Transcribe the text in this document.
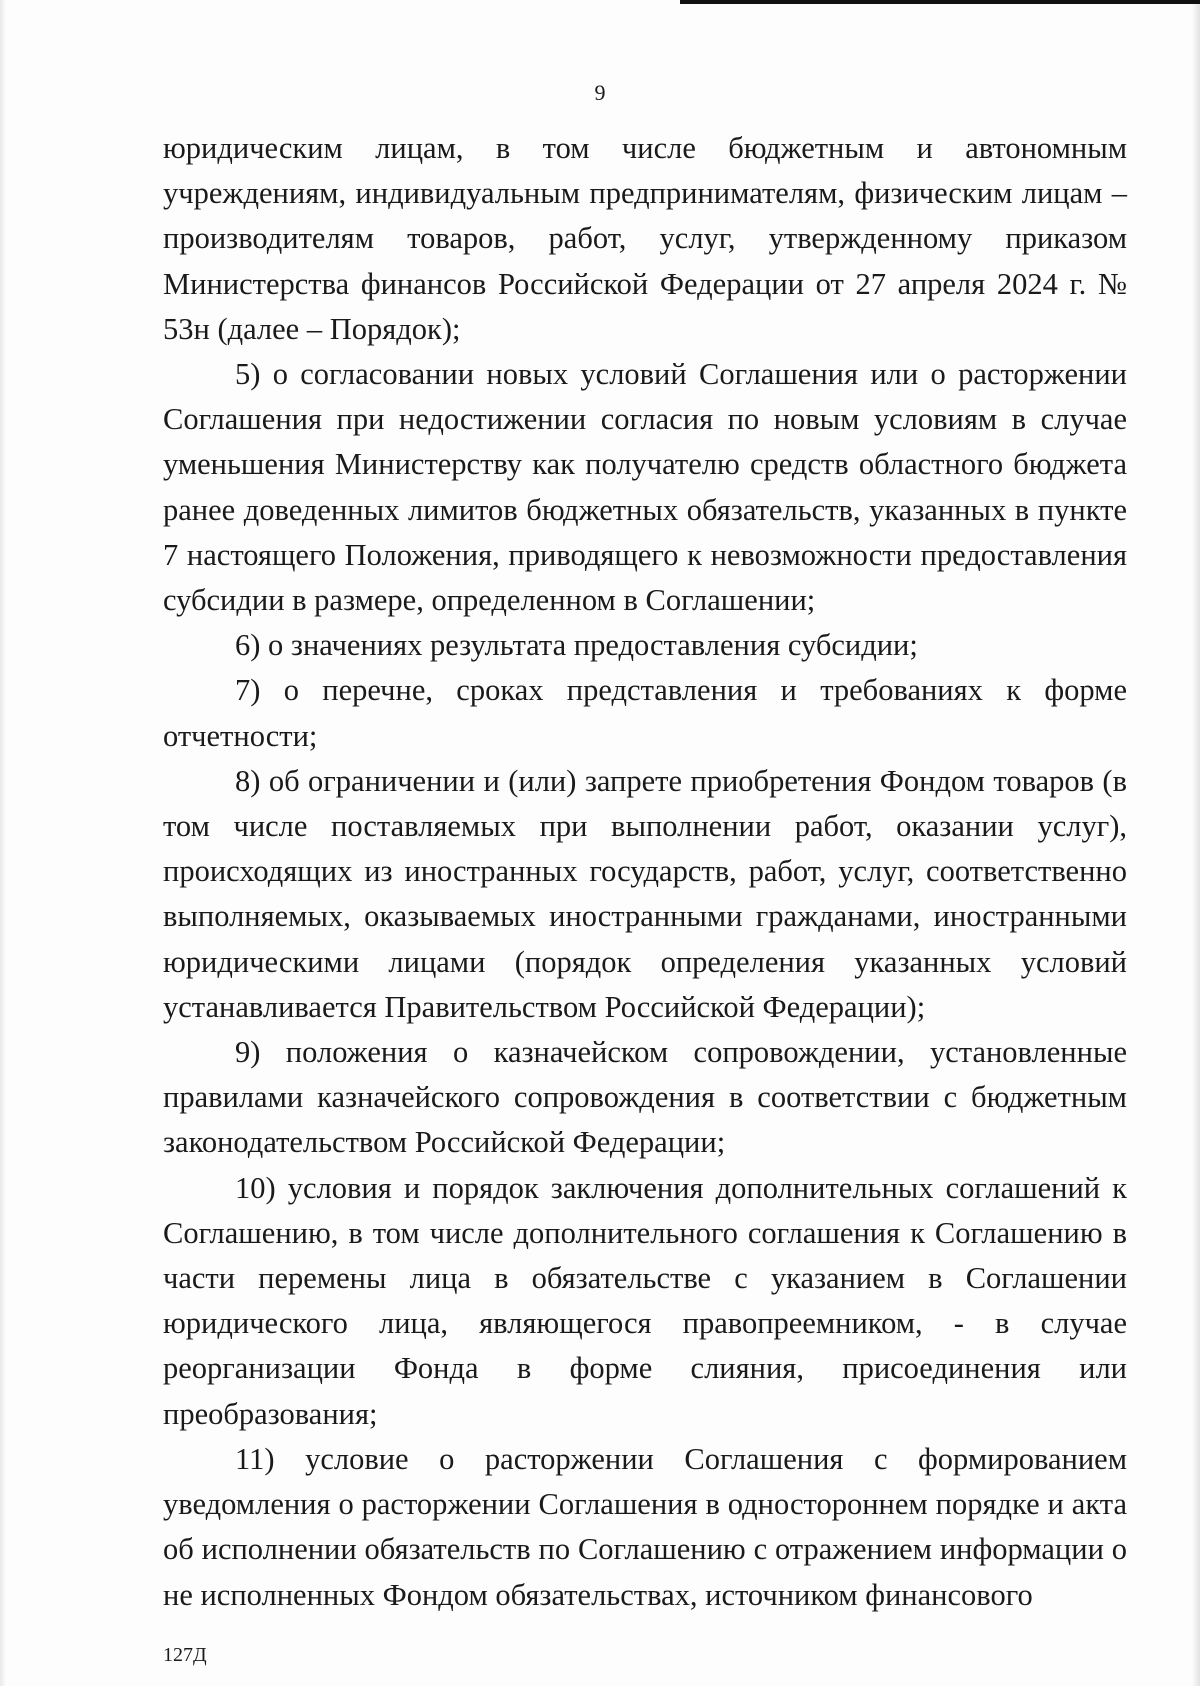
9

юридическим лицам, в том числе бюджетным и автономным учреждениям, индивидуальным предпринимателям, физическим лицам – производителям товаров, работ, услуг, утвержденному приказом Министерства финансов Российской Федерации от 27 апреля 2024 г. № 53н (далее – Порядок);

5) о согласовании новых условий Соглашения или о расторжении Соглашения при недостижении согласия по новым условиям в случае уменьшения Министерству как получателю средств областного бюджета ранее доведенных лимитов бюджетных обязательств, указанных в пункте 7 настоящего Положения, приводящего к невозможности предоставления субсидии в размере, определенном в Соглашении;

6) о значениях результата предоставления субсидии;

7) о перечне, сроках представления и требованиях к форме отчетности;

8) об ограничении и (или) запрете приобретения Фондом товаров (в том числе поставляемых при выполнении работ, оказании услуг), происходящих из иностранных государств, работ, услуг, соответственно выполняемых, оказываемых иностранными гражданами, иностранными юридическими лицами (порядок определения указанных условий устанавливается Правительством Российской Федерации);

9) положения о казначейском сопровождении, установленные правилами казначейского сопровождения в соответствии с бюджетным законодательством Российской Федерации;

10) условия и порядок заключения дополнительных соглашений к Соглашению, в том числе дополнительного соглашения к Соглашению в части перемены лица в обязательстве с указанием в Соглашении юридического лица, являющегося правопреемником, - в случае реорганизации Фонда в форме слияния, присоединения или преобразования;

11) условие о расторжении Соглашения с формированием уведомления о расторжении Соглашения в одностороннем порядке и акта об исполнении обязательств по Соглашению с отражением информации о не исполненных Фондом обязательствах, источником финансового

127Д
